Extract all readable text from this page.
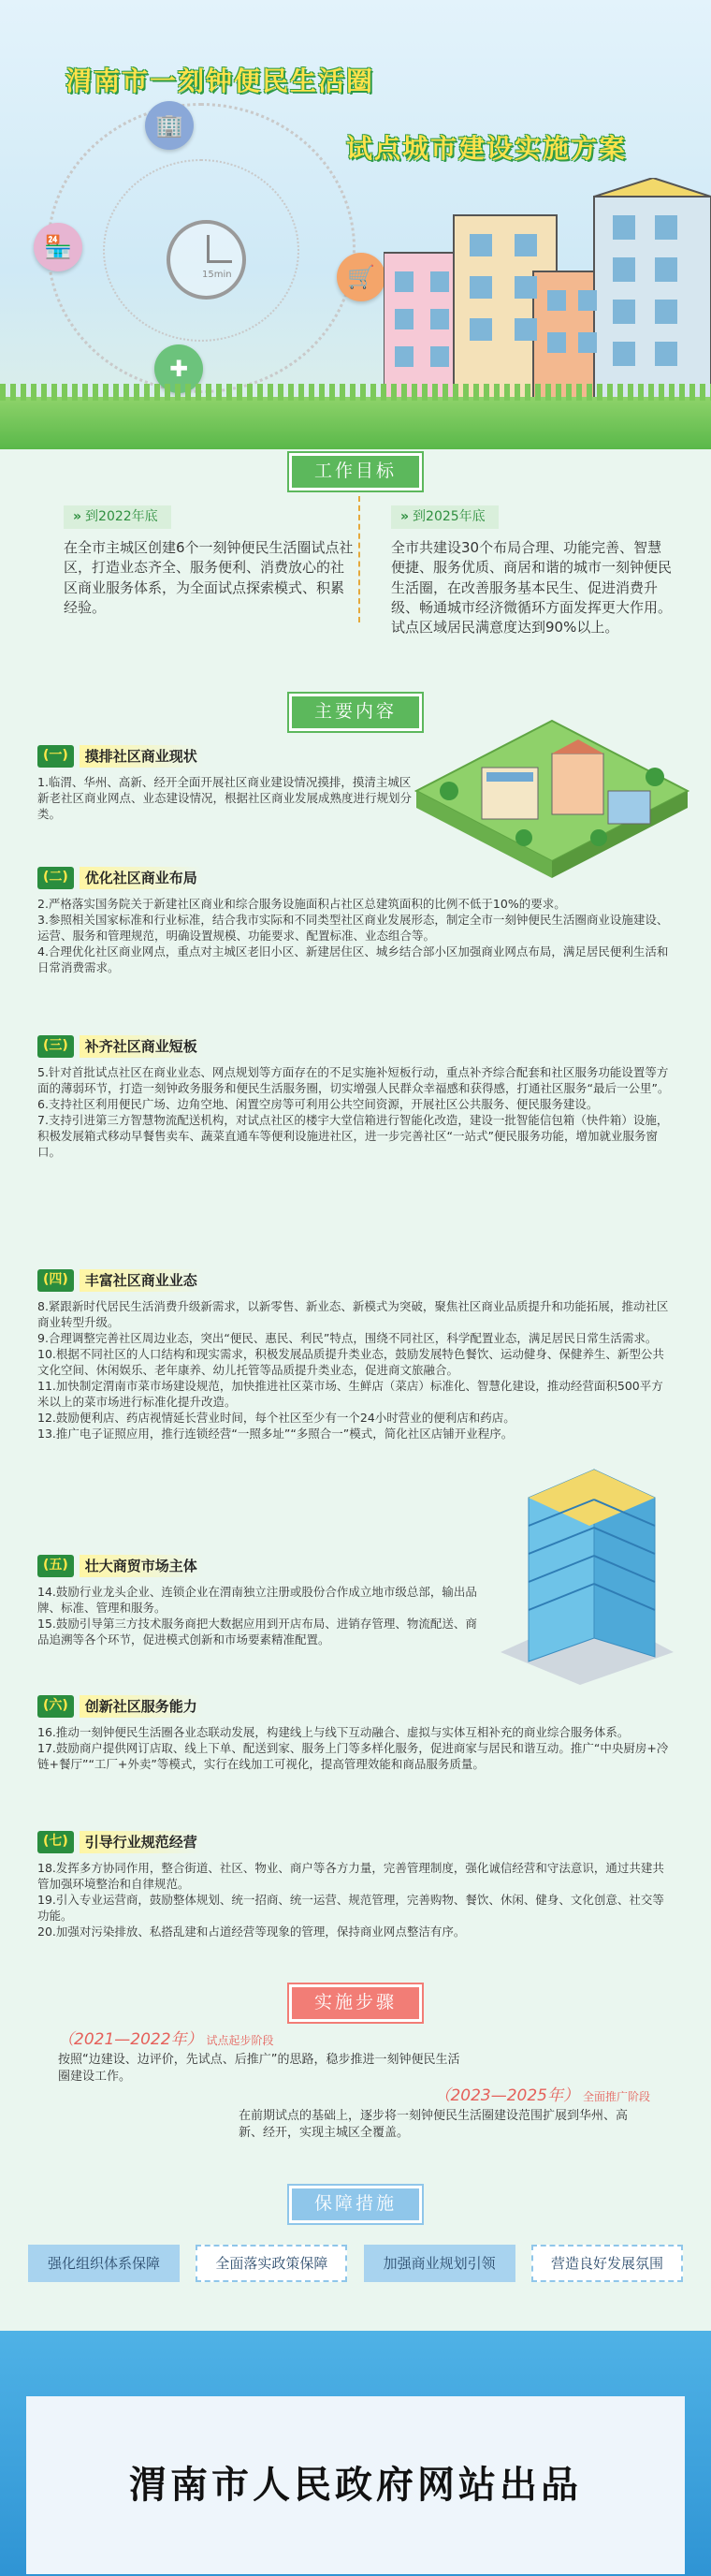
15min
🏢
🏪
✚
🛒
渭南市一刻钟便民生活圈
试点城市建设实施方案
工作目标
» 到2022年底

在全市主城区创建6个一刻钟便民生活圈试点社区，打造业态齐全、服务便利、消费放心的社区商业服务体系，为全面试点探索模式、积累经验。

» 到2025年底

全市共建设30个布局合理、功能完善、智慧便捷、服务优质、商居和谐的城市一刻钟便民生活圈，在改善服务基本民生、促进消费升级、畅通城市经济微循环方面发挥更大作用。试点区域居民满意度达到90%以上。

主要内容
(一)	摸排社区商业现状

1.临渭、华州、高新、经开全面开展社区商业建设情况摸排，摸清主城区新老社区商业网点、业态建设情况，根据社区商业发展成熟度进行规划分类。

(二)	优化社区商业布局

2.严格落实国务院关于新建社区商业和综合服务设施面积占社区总建筑面积的比例不低于10%的要求。

3.参照相关国家标准和行业标准，结合我市实际和不同类型社区商业发展形态，制定全市一刻钟便民生活圈商业设施建设、运营、服务和管理规范，明确设置规模、功能要求、配置标准、业态组合等。

4.合理优化社区商业网点，重点对主城区老旧小区、新建居住区、城乡结合部小区加强商业网点布局，满足居民便利生活和日常消费需求。

(三)	补齐社区商业短板

5.针对首批试点社区在商业业态、网点规划等方面存在的不足实施补短板行动，重点补齐综合配套和社区服务功能设置等方面的薄弱环节，打造一刻钟政务服务和便民生活服务圈，切实增强人民群众幸福感和获得感，打通社区服务“最后一公里”。

6.支持社区利用便民广场、边角空地、闲置空房等可利用公共空间资源，开展社区公共服务、便民服务建设。

7.支持引进第三方智慧物流配送机构，对试点社区的楼宇大堂信箱进行智能化改造，建设一批智能信包箱（快件箱）设施，积极发展箱式移动早餐售卖车、蔬菜直通车等便利设施进社区，进一步完善社区“一站式”便民服务功能，增加就业服务窗口。

(四)	丰富社区商业业态

8.紧跟新时代居民生活消费升级新需求，以新零售、新业态、新模式为突破，聚焦社区商业品质提升和功能拓展，推动社区商业转型升级。

9.合理调整完善社区周边业态，突出“便民、惠民、利民”特点，围绕不同社区，科学配置业态，满足居民日常生活需求。

10.根据不同社区的人口结构和现实需求，积极发展品质提升类业态，鼓励发展特色餐饮、运动健身、保健养生、新型公共文化空间、休闲娱乐、老年康养、幼儿托管等品质提升类业态，促进商文旅融合。

11.加快制定渭南市菜市场建设规范，加快推进社区菜市场、生鲜店（菜店）标准化、智慧化建设，推动经营面积500平方米以上的菜市场进行标准化提升改造。

12.鼓励便利店、药店视情延长营业时间，每个社区至少有一个24小时营业的便利店和药店。

13.推广电子证照应用，推行连锁经营“一照多址”“多照合一”模式，简化社区店铺开业程序。

(五)	壮大商贸市场主体

14.鼓励行业龙头企业、连锁企业在渭南独立注册或股份合作成立地市级总部，输出品牌、标准、管理和服务。

15.鼓励引导第三方技术服务商把大数据应用到开店布局、进销存管理、物流配送、商品追溯等各个环节，促进模式创新和市场要素精准配置。

(六)	创新社区服务能力

16.推动一刻钟便民生活圈各业态联动发展，构建线上与线下互动融合、虚拟与实体互相补充的商业综合服务体系。

17.鼓励商户提供网订店取、线上下单、配送到家、服务上门等多样化服务，促进商家与居民和谐互动。推广“中央厨房+冷链+餐厅”“工厂+外卖”等模式，实行在线加工可视化，提高管理效能和商品服务质量。

(七)	引导行业规范经营

18.发挥多方协同作用，整合街道、社区、物业、商户等各方力量，完善管理制度，强化诚信经营和守法意识，通过共建共管加强环境整治和自律规范。

19.引入专业运营商，鼓励整体规划、统一招商、统一运营、规范管理，完善购物、餐饮、休闲、健身、文化创意、社交等功能。

20.加强对污染排放、私搭乱建和占道经营等现象的管理，保持商业网点整洁有序。

实施步骤
（2021—2022年） 试点起步阶段
按照“边建设、边评价，先试点、后推广”的思路，稳步推进一刻钟便民生活圈建设工作。
（2023—2025年） 全面推广阶段
在前期试点的基础上，逐步将一刻钟便民生活圈建设范围扩展到华州、高新、经开，实现主城区全覆盖。
保障措施
强化组织体系保障	全面落实政策保障	加强商业规划引领	营造良好发展氛围
渭南市人民政府网站出品
